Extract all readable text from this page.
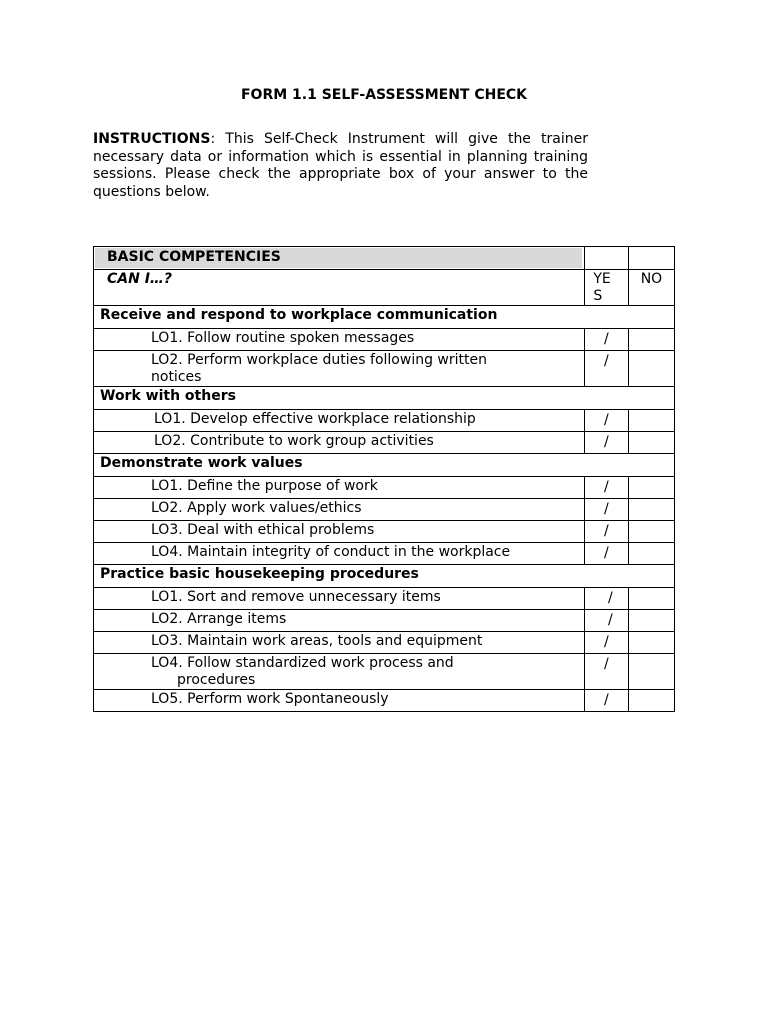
FORM 1.1 SELF-ASSESSMENT CHECK
INSTRUCTIONS: This Self-Check Instrument will give the trainer necessary data or information which is essential in planning training sessions. Please check the appropriate box of your answer to the questions below.
BASIC COMPETENCIES		

CAN I…?	YE S	NO
Receive and respond to workplace communication		
LO1. Follow routine spoken messages	/	

LO2. Perform workplace duties following written notices	/	
Work with others		
LO1. Develop effective workplace relationship	/	
LO2. Contribute to work group activities	/	
Demonstrate work values		
LO1. Define the purpose of work	/	
LO2. Apply work values/ethics	/	
LO3. Deal with ethical problems	/	
LO4. Maintain integrity of conduct in the workplace	/	
Practice basic housekeeping procedures		
LO1. Sort and remove unnecessary items	/	
LO2. Arrange items	/	
LO3. Maintain work areas, tools and equipment	/	
LO4. Follow standardized work process and
procedures	/	
LO5. Perform work Spontaneously	/	
